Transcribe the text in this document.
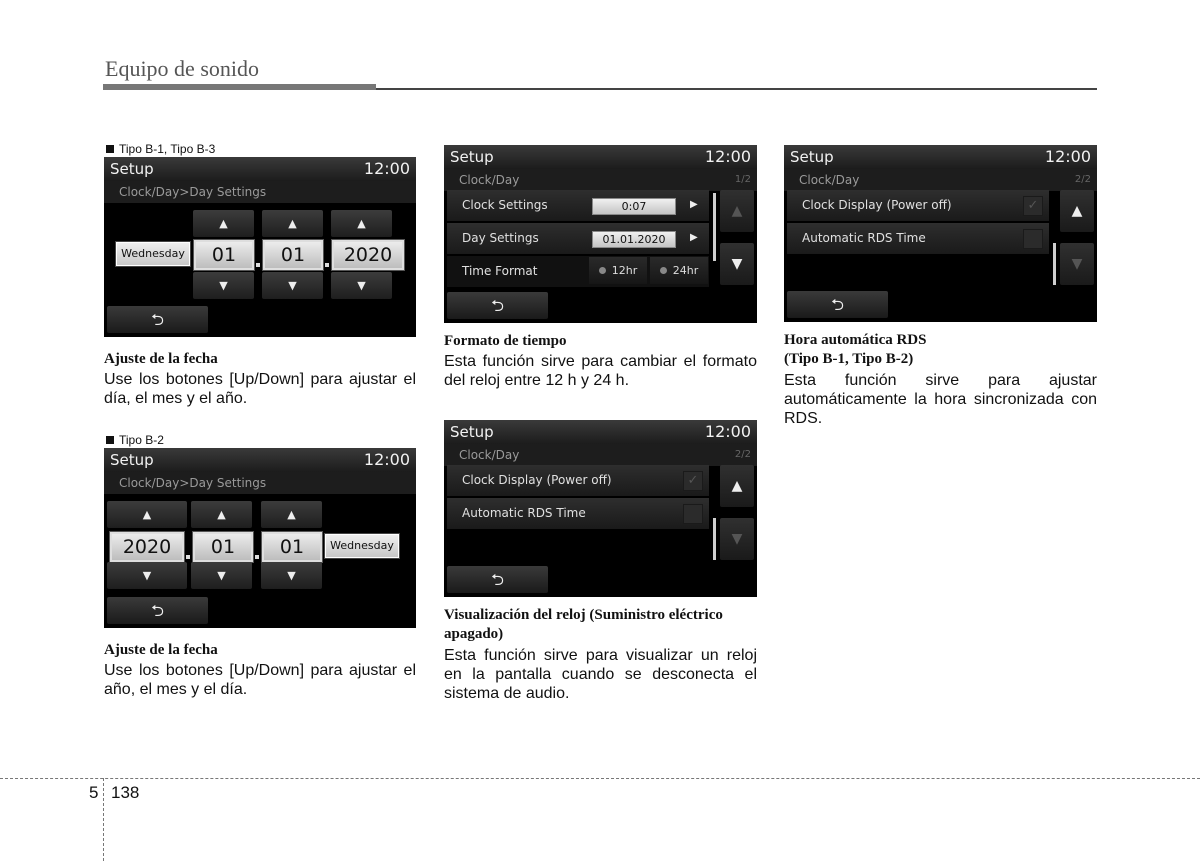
Equipo de sonido
Tipo B-1, Tipo B-3
Setup	12:00
Clock/Day>Day Settings
▲	▲	▲
Wednesday	01	01	2020
▼	▼	▼
⮌
Ajuste de la fecha
Use los botones [Up/Down] para ajustar el día, el mes y el año.
Tipo B-2
Setup	12:00
Clock/Day>Day Settings
▲	▲	▲
2020	01	01	Wednesday
▼	▼	▼
⮌
Ajuste de la fecha
Use los botones [Up/Down] para ajustar el año, el mes y el día.
Setup	12:00
Clock/Day	1/2
Clock Settings	0:07	▶
Day Settings	01.01.2020	▶
Time Format	12hr	24hr
▲
▼
⮌
Formato de tiempo
Esta función sirve para cambiar el formato del reloj entre 12 h y 24 h.
Setup	12:00
Clock/Day	2/2
Clock Display (Power off)	✓
Automatic RDS Time
▲
▼
⮌
Visualización del reloj (Suministro eléctrico apagado)
Esta función sirve para visualizar un reloj en la pantalla cuando se desconecta el sistema de audio.
Setup	12:00
Clock/Day	2/2
Clock Display (Power off)	✓
Automatic RDS Time
▲
▼
⮌
Hora automática RDS
(Tipo B-1, Tipo B-2)
Esta función sirve para ajustar automáticamente la hora sincronizada con RDS.
5 138
